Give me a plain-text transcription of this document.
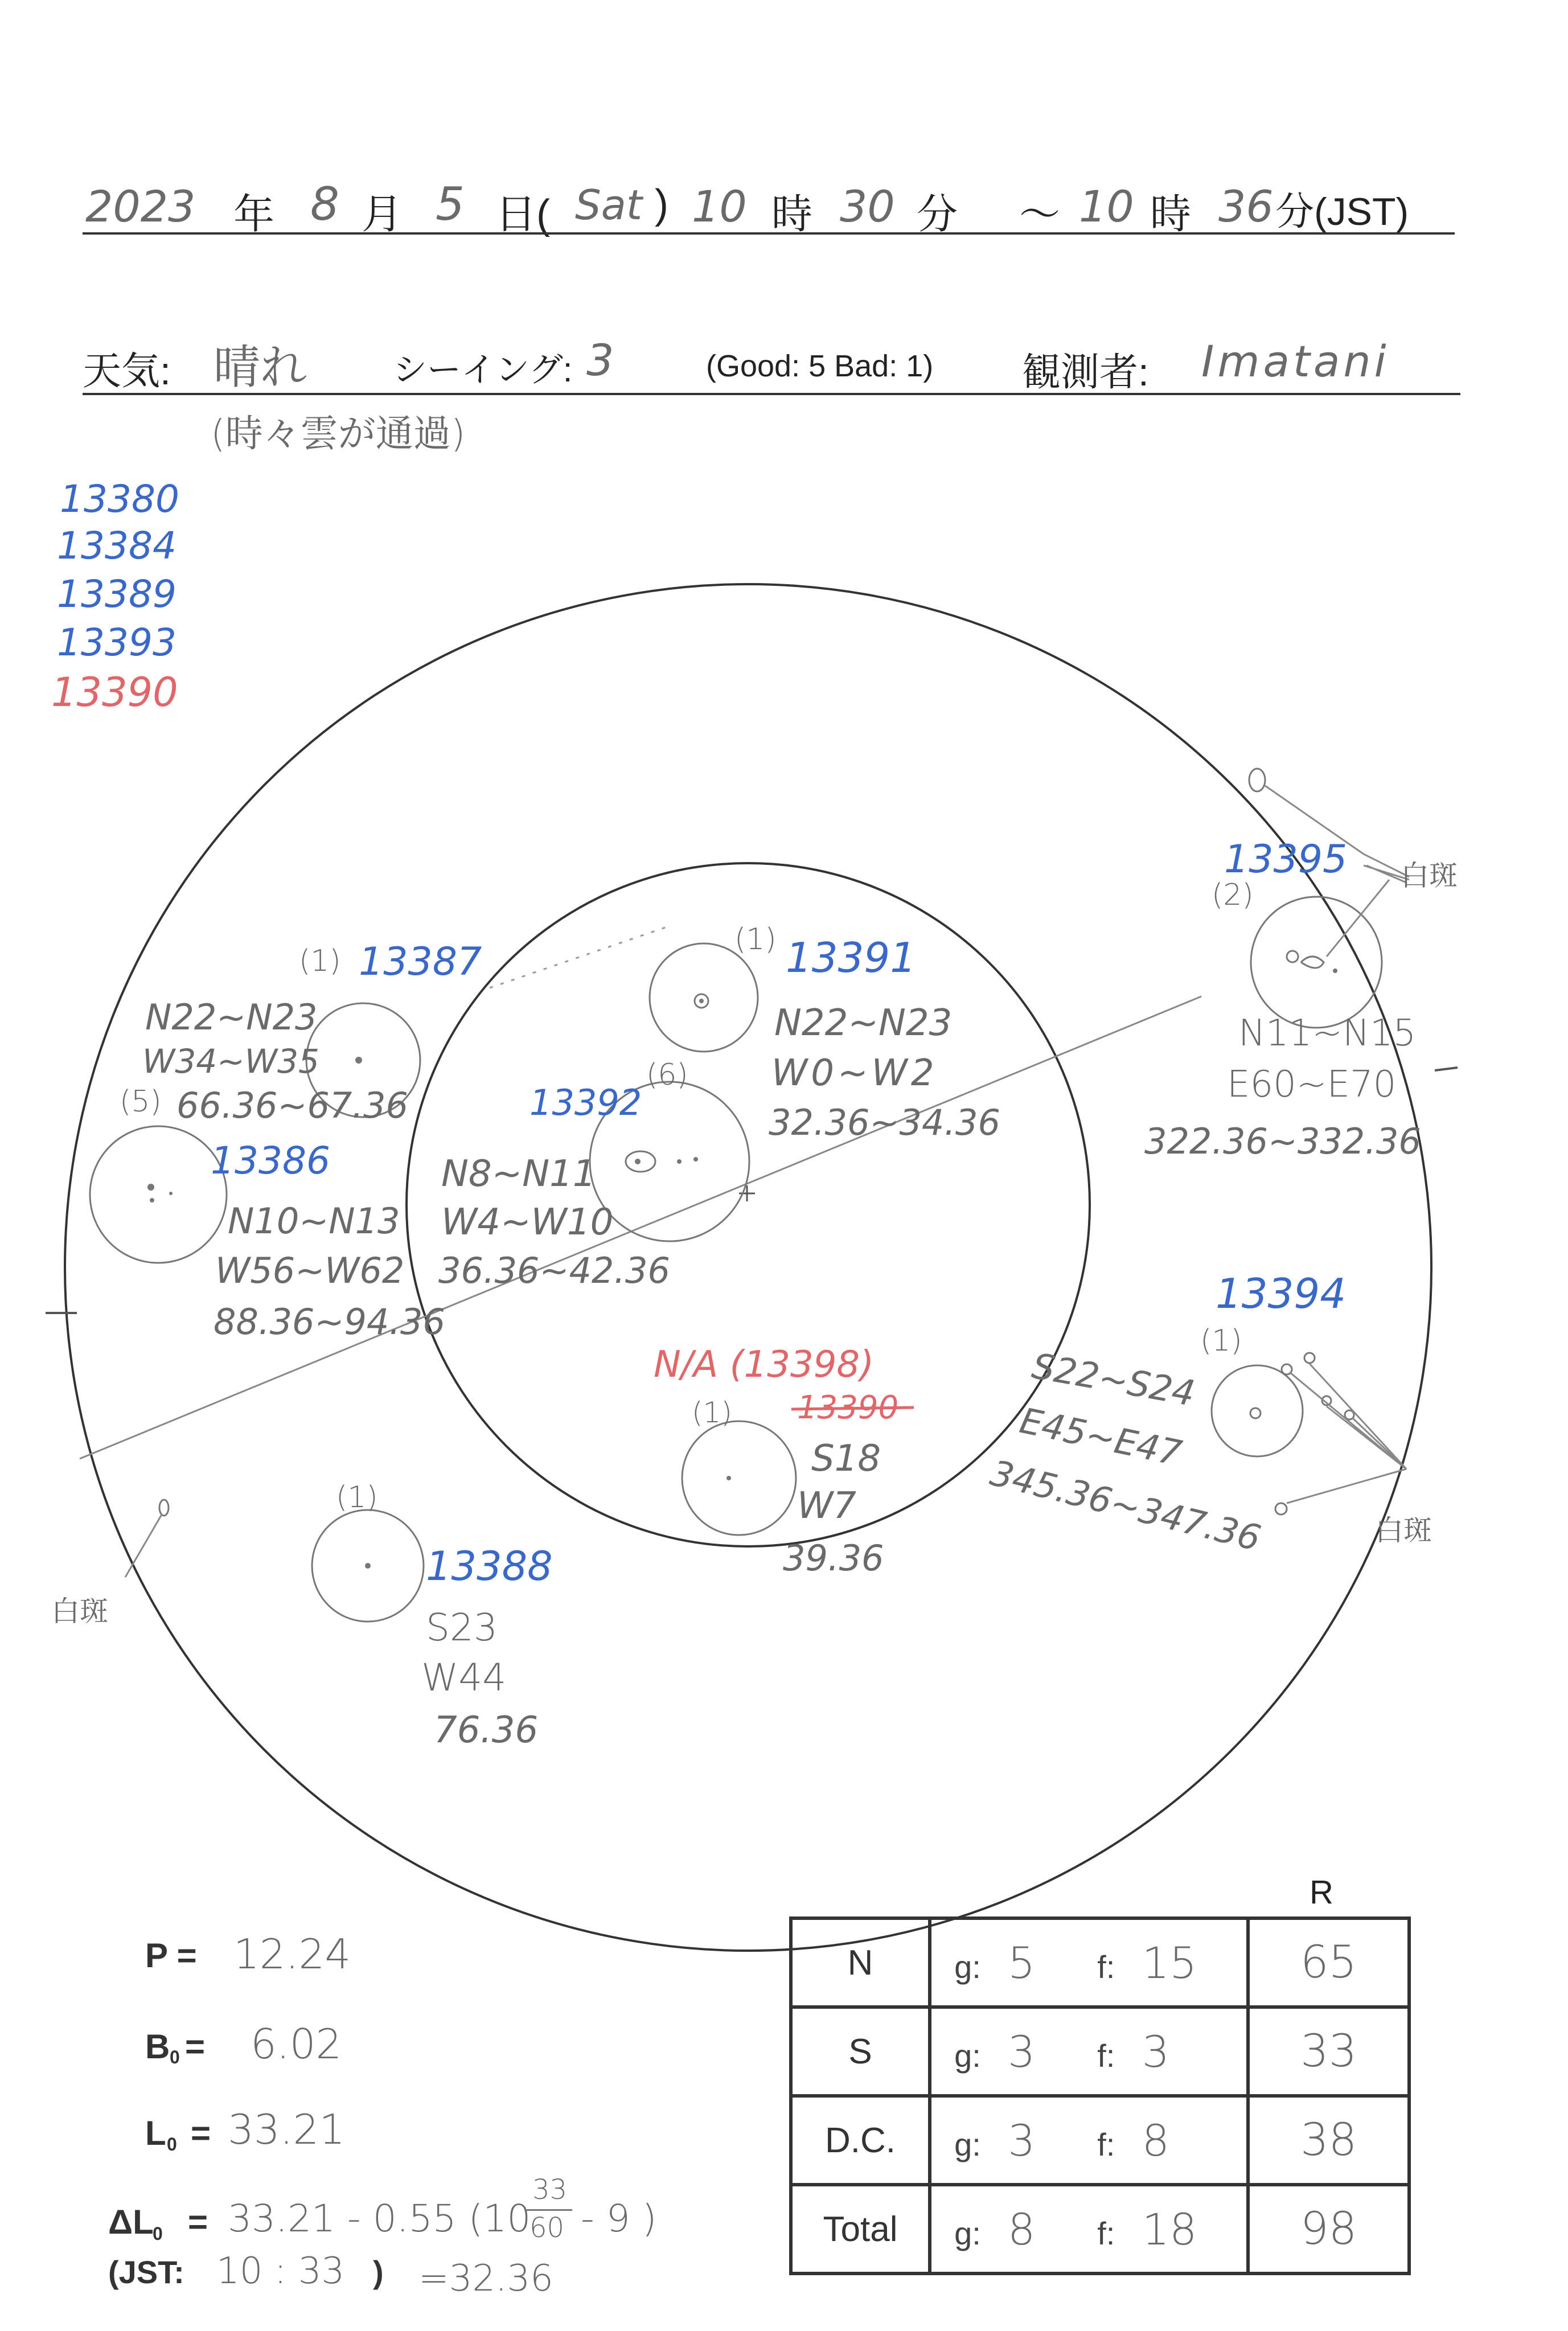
2023 年 8 月 5 日( Sat ) 10 時 30 分 ～ 10 時 36 分(JST)
天気: 晴れ	シーイング: 3	(Good: 5 Bad: 1) 観測者: Imatani
(時々雲が通過)
13380
13384
13389
13393
13390
白斑
白斑
白斑
(1) 13387
N22~N23
W34~W35
66.36~67.36
(5)
13386
N10~N13
W56~W62
88.36~94.36
(1) 13391
N22~N23
W0~W2
32.36~34.36
(6)
13392
N8~N11
W4~W10
36.36~42.36
13395
(2)
N11~N15
E60~E70
322.36~332.36
13394
(1)
S22~S24
E45~E47
345.36~347.36
N/A (13398)
13390
(1)
S18
W7
39.36
(1)
13388
S23
W44
76.36
P = 12.24
B 0 = 6.02
L 0 = 33.21
ΔL
0 = 33.21 - 0.55 (10
33
60 - 9 )
(JST: 10 : 33 ) =32.36
R
N	g: 5 f: 15	65
S	g: 3 f: 3	33
D.C.	g: 3 f: 8	38
Total	g: 8 f: 18	98
